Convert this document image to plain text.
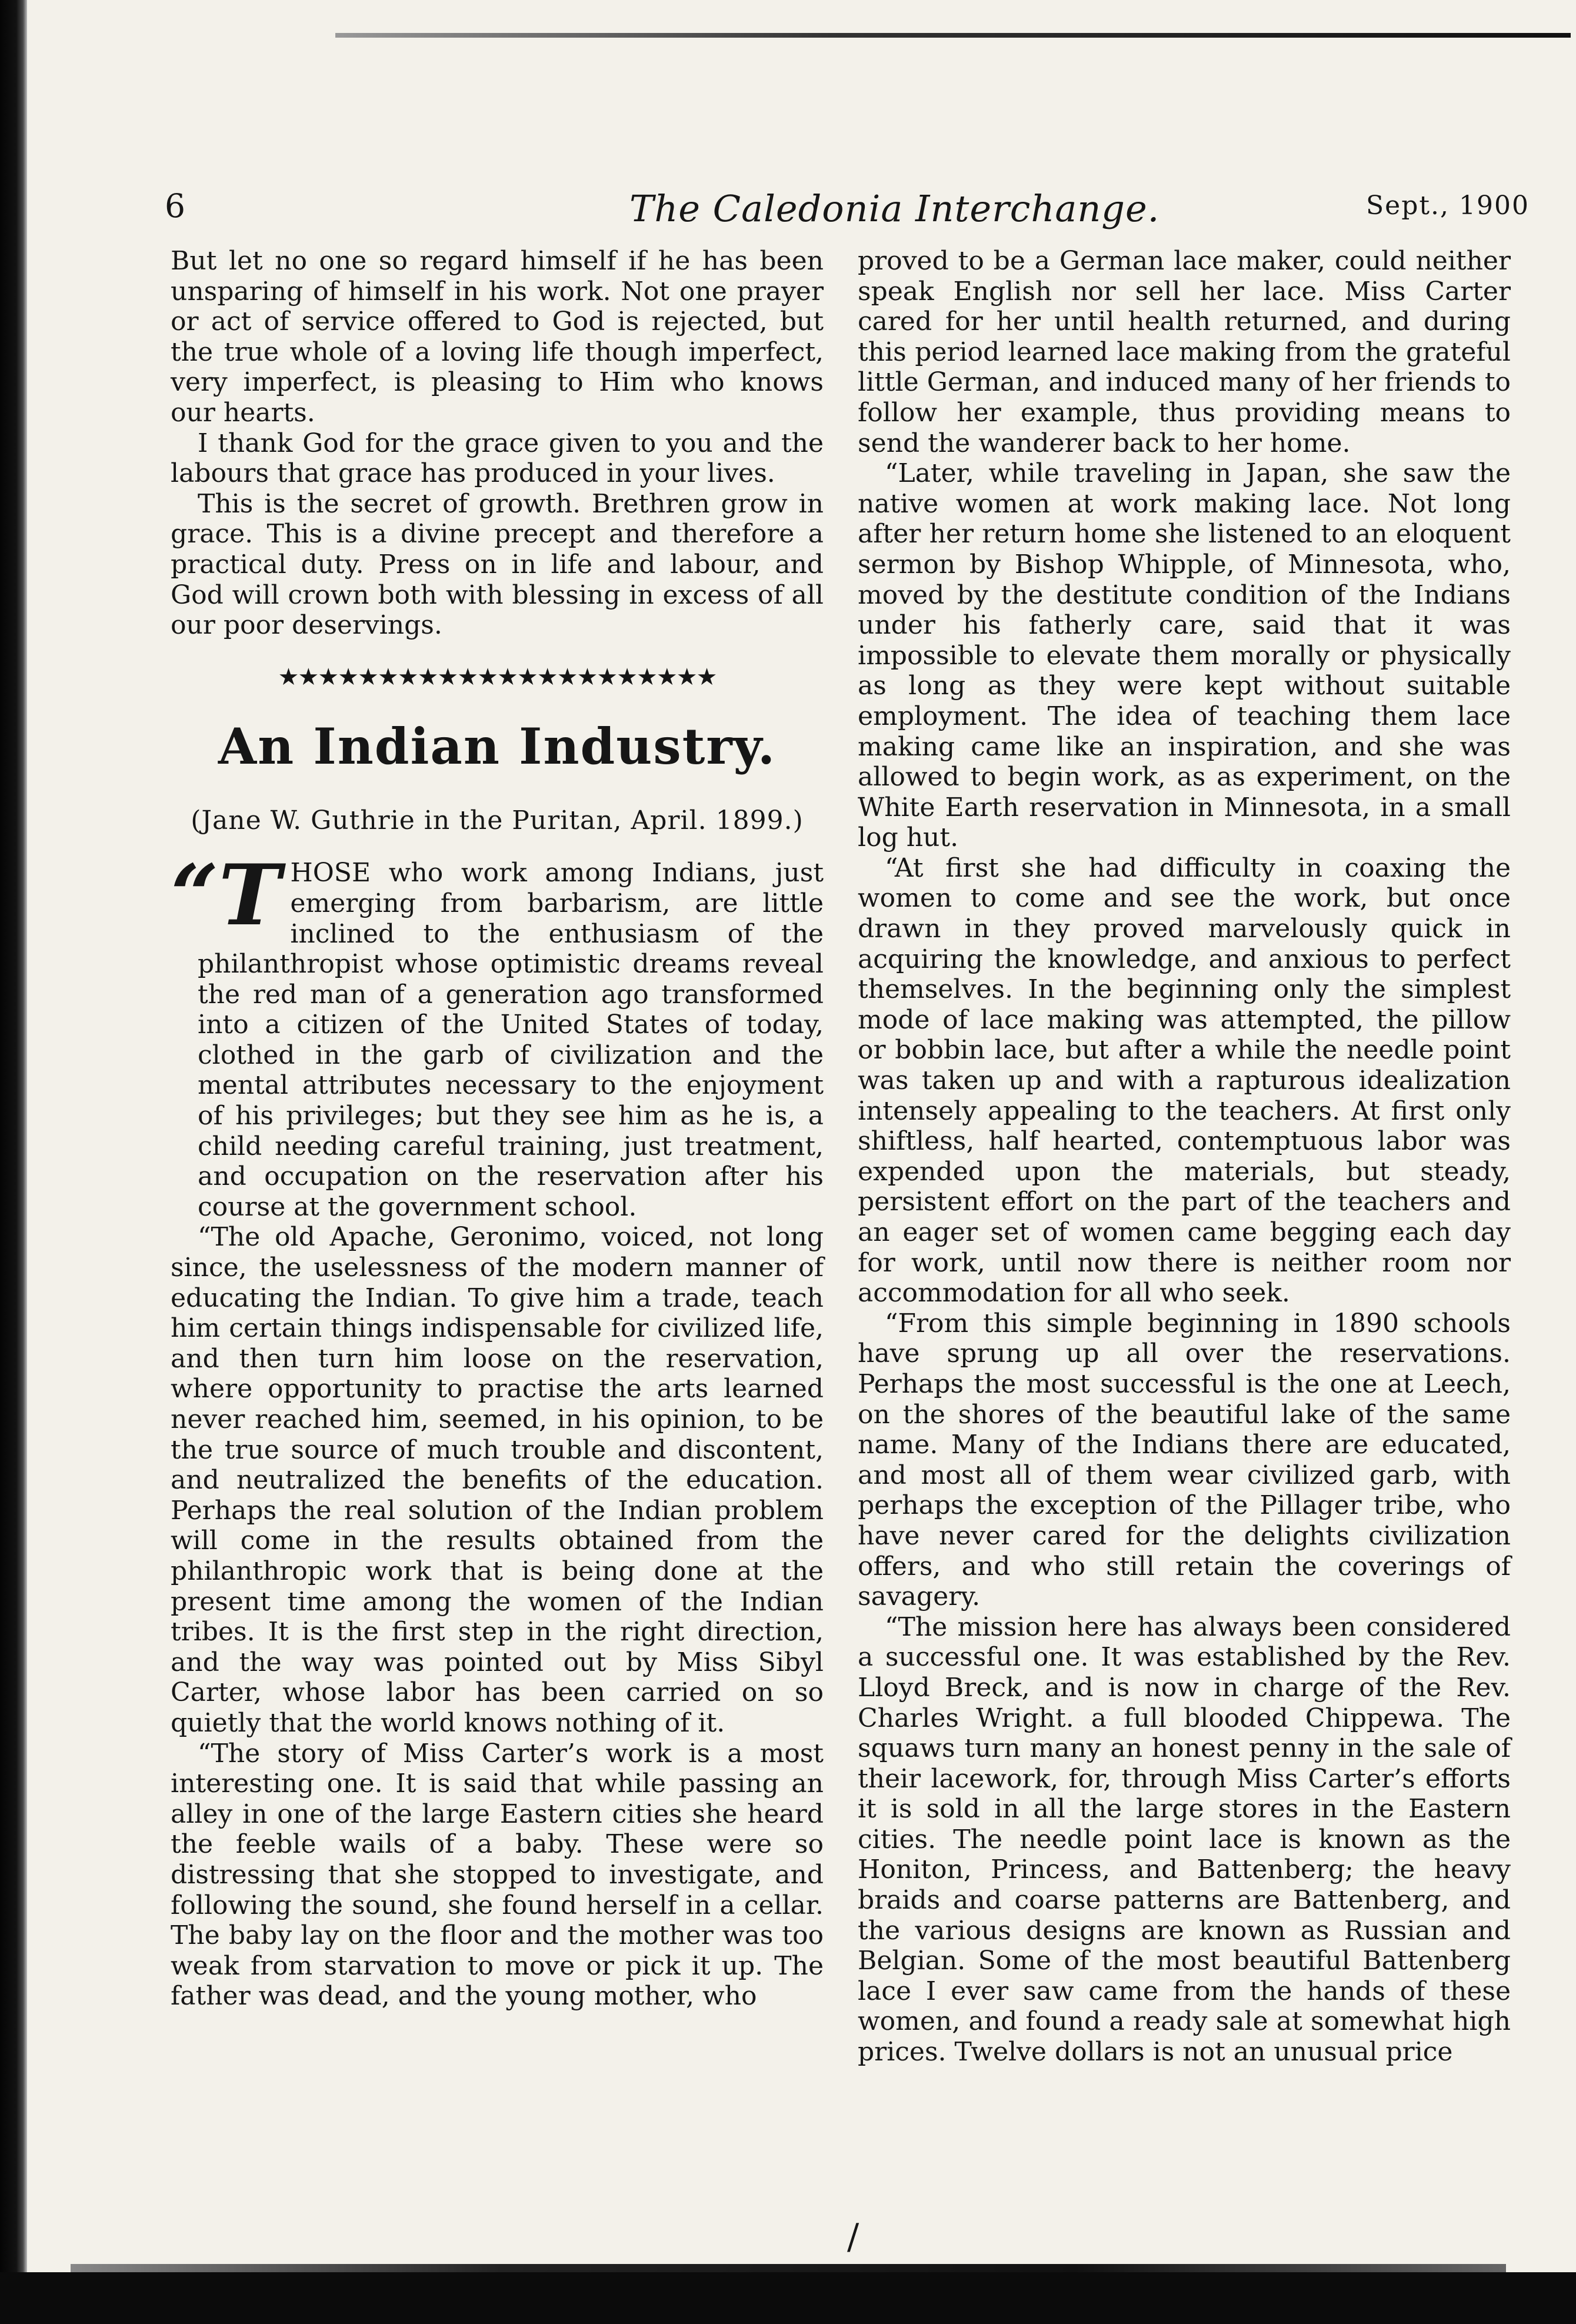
6	The Caledonia Interchange.	Sept., 1900

But let no one so regard himself if he has been unsparing of himself in his work. Not one prayer or act of service offered to God is rejected, but the true whole of a loving life though imperfect, very imperfect, is pleasing to Him who knows our hearts.

I thank God for the grace given to you and the labours that grace has produced in your lives.

This is the secret of growth. Brethren grow in grace. This is a divine precept and therefore a practical duty. Press on in life and labour, and God will crown both with blessing in excess of all our poor deservings.

★★★★★★★★★★★★★★★★★★★★★★
An Indian Industry.
(Jane W. Guthrie in the Puritan, April. 1899.)

“THOSE who work among Indians, just emerging from barbarism, are little inclined to the enthusiasm of the philanthropist whose optimistic dreams reveal the red man of a generation ago transformed into a citizen of the United States of today, clothed in the garb of civilization and the mental attributes necessary to the enjoyment of his privileges; but they see him as he is, a child needing careful training, just treatment, and occupation on the reservation after his course at the government school.

“The old Apache, Geronimo, voiced, not long since, the uselessness of the modern manner of educating the Indian. To give him a trade, teach him certain things indispensable for civilized life, and then turn him loose on the reservation, where opportunity to practise the arts learned never reached him, seemed, in his opinion, to be the true source of much trouble and discontent, and neutralized the benefits of the education. Perhaps the real solution of the Indian problem will come in the results obtained from the philanthropic work that is being done at the present time among the women of the Indian tribes. It is the first step in the right direction, and the way was pointed out by Miss Sibyl Carter, whose labor has been carried on so quietly that the world knows nothing of it.

“The story of Miss Carter’s work is a most interesting one. It is said that while passing an alley in one of the large Eastern cities she heard the feeble wails of a baby. These were so distressing that she stopped to investigate, and following the sound, she found herself in a cellar. The baby lay on the floor and the mother was too weak from starvation to move or pick it up. The father was dead, and the young mother, who

proved to be a German lace maker, could neither speak English nor sell her lace. Miss Carter cared for her until health returned, and during this period learned lace making from the grateful little German, and induced many of her friends to follow her example, thus providing means to send the wanderer back to her home.

“Later, while traveling in Japan, she saw the native women at work making lace. Not long after her return home she listened to an eloquent sermon by Bishop Whipple, of Minnesota, who, moved by the destitute condition of the Indians under his fatherly care, said that it was impossible to elevate them morally or physically as long as they were kept without suitable employment. The idea of teaching them lace making came like an inspiration, and she was allowed to begin work, as as experiment, on the White Earth reservation in Minnesota, in a small log hut.

“At first she had difficulty in coaxing the women to come and see the work, but once drawn in they proved marvelously quick in acquiring the knowledge, and anxious to perfect themselves. In the beginning only the simplest mode of lace making was attempted, the pillow or bobbin lace, but after a while the needle point was taken up and with a rapturous idealization intensely appealing to the teachers. At first only shiftless, half hearted, contemptuous labor was expended upon the materials, but steady, persistent effort on the part of the teachers and an eager set of women came begging each day for work, until now there is neither room nor accommodation for all who seek.

“From this simple beginning in 1890 schools have sprung up all over the reservations. Perhaps the most successful is the one at Leech, on the shores of the beautiful lake of the same name. Many of the Indians there are educated, and most all of them wear civilized garb, with perhaps the exception of the Pillager tribe, who have never cared for the delights civilization offers, and who still retain the coverings of savagery.

“The mission here has always been considered a successful one. It was established by the Rev. Lloyd Breck, and is now in charge of the Rev. Charles Wright. a full blooded Chippewa. The squaws turn many an honest penny in the sale of their lacework, for, through Miss Carter’s efforts it is sold in all the large stores in the Eastern cities. The needle point lace is known as the Honiton, Princess, and Battenberg; the heavy braids and coarse patterns are Battenberg, and the various designs are known as Russian and Belgian. Some of the most beautiful Battenberg lace I ever saw came from the hands of these women, and found a ready sale at somewhat high prices. Twelve dollars is not an unusual price

/
